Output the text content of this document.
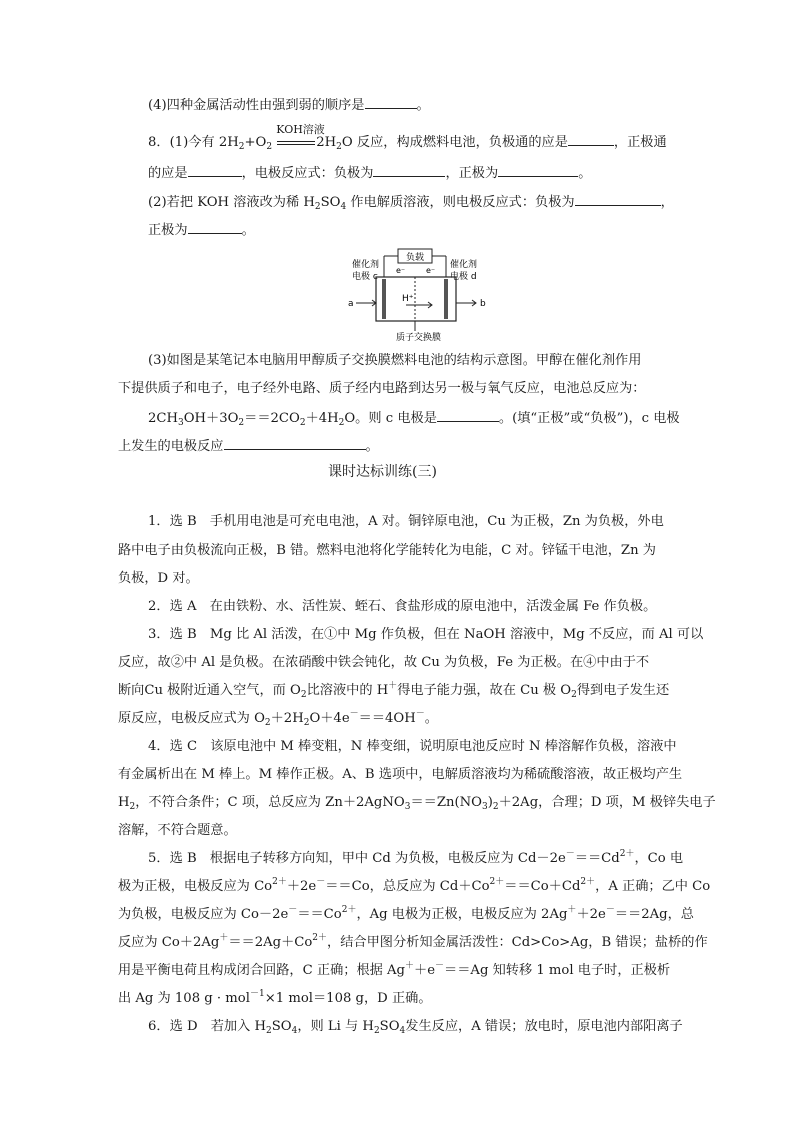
(4)四种金属活动性由强到弱的顺序是	。
8．(1)今有 $2H_2+O_2$
KOH溶液
$2H_2O$ 反应，构成燃料电池，负极通的应是	，正极通
的应是	，电极反应式：负极为	，正极为	。
(2)若把 KOH 溶液改为稀 $H_2SO_4$ 作电解质溶液，则电极反应式：负极为	，
正极为	。
负载
e⁻	e⁻
催化剂
电极 c
催化剂
电极 d
H⁺
a	b
质子交换膜
(3)如图是某笔记本电脑用甲醇质子交换膜燃料电池的结构示意图。甲醇在催化剂作用
下提供质子和电子，电子经外电路、质子经内电路到达另一极与氧气反应，电池总反应为：
$2CH_3OH+3O_2==2CO_2+4H_2O$。则 c 电极是	。(填“正极”或“负极”)，c 电极
上发生的电极反应	。
课时达标训练(三)
1．选 B　手机用电池是可充电电池，A 对。铜锌原电池，Cu 为正极，Zn 为负极，外电
路中电子由负极流向正极，B 错。燃料电池将化学能转化为电能，C 对。锌锰干电池，Zn 为
负极，D 对。
2．选 A　在由铁粉、水、活性炭、蛭石、食盐形成的原电池中，活泼金属 Fe 作负极。
3．选 B　Mg 比 Al 活泼，在①中 Mg 作负极，但在 NaOH 溶液中，Mg 不反应，而 Al 可以
反应，故②中 Al 是负极。在浓硝酸中铁会钝化，故 Cu 为负极，Fe 为正极。在④中由于不
断向Cu 极附近通入空气，而 $O_2$比溶液中的 H＋得电子能力强，故在 Cu 极 $O_2$得到电子发生还
原反应，电极反应式为 $O_2+2H_2O+4e^-==4OH^-$。
4．选 C　该原电池中 M 棒变粗，N 棒变细，说明原电池反应时 N 棒溶解作负极，溶液中
有金属析出在 M 棒上。M 棒作正极。A、B 选项中，电解质溶液均为稀硫酸溶液，故正极均产生
$H_2$，不符合条件；C 项，总反应为 $Zn+2AgNO_3==Zn(NO_3)_2+2Ag$，合理；D 项，M 极锌失电子
溶解，不符合题意。
5．选 B　根据电子转移方向知，甲中 Cd 为负极，电极反应为 $Cd-2e^-==Cd^{2+}$，Co 电
极为正极，电极反应为 $Co^{2+}+2e^-==Co$，总反应为 $Cd+Co^{2+}==Co+Cd^{2+}$，A 正确；乙中 Co
为负极，电极反应为 $Co-2e^-==Co^{2+}$，Ag 电极为正极，电极反应为 2Ag＋＋2e－＝＝2Ag，总
反应为 $Co+2Ag^+==2Ag+Co^{2+}$，结合甲图分析知金属活泼性：Cd>Co>Ag，B 错误；盐桥的作
用是平衡电荷且构成闭合回路，C 正确；根据 Ag＋＋e－＝＝Ag 知转移 1 mol 电子时，正极析
出 Ag 为 108 g · mol$^{-1}$×1 mol＝108 g，D 正确。
6．选 D　若加入 $H_2SO_4$，则 Li 与 $H_2SO_4$发生反应，A 错误；放电时，原电池内部阳离子
